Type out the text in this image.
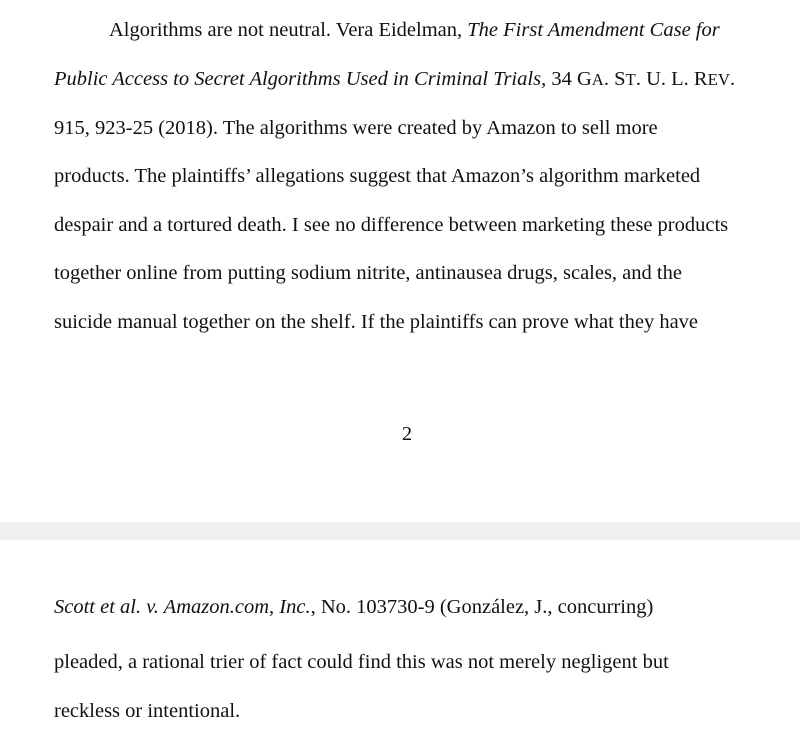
Algorithms are not neutral. Vera Eidelman, The First Amendment Case for
Public Access to Secret Algorithms Used in Criminal Trials, 34 GA. ST. U. L. REV.
915, 923-25 (2018). The algorithms were created by Amazon to sell more
products. The plaintiffs’ allegations suggest that Amazon’s algorithm marketed
despair and a tortured death. I see no difference between marketing these products
together online from putting sodium nitrite, antinausea drugs, scales, and the
suicide manual together on the shelf. If the plaintiffs can prove what they have
2
Scott et al. v. Amazon.com, Inc., No. 103730-9 (González, J., concurring)
pleaded, a rational trier of fact could find this was not merely negligent but
reckless or intentional.
